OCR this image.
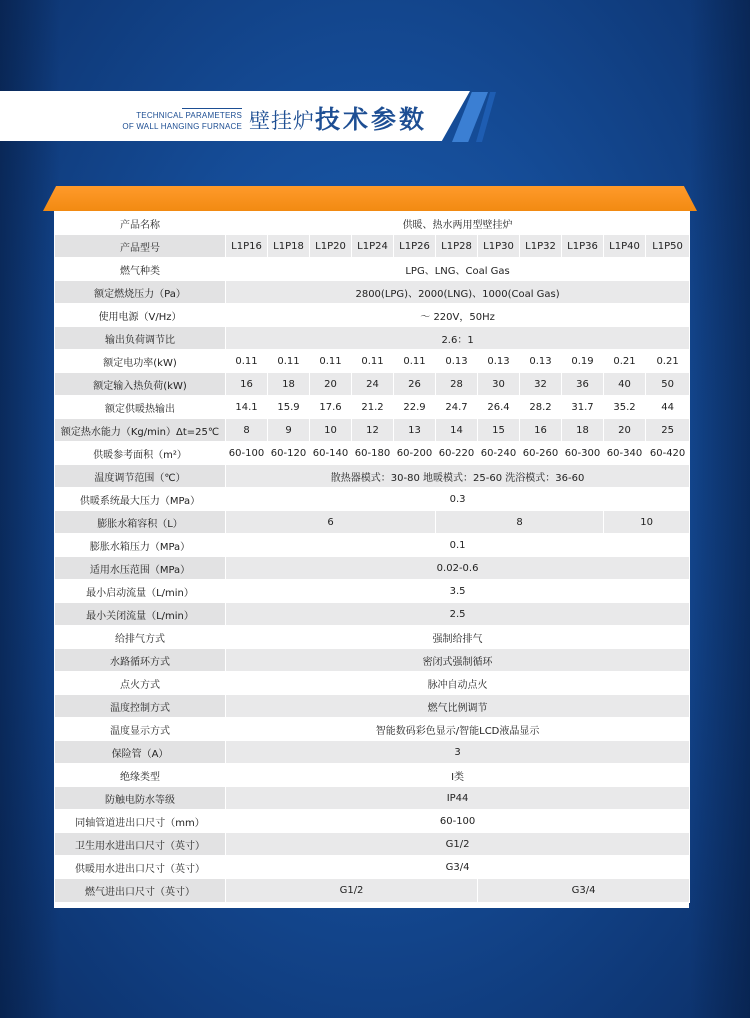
TECHNICAL PARAMETERS
OF WALL HANGING FURNACE 壁挂炉技术参数
产品名称	供暖、热水两用型壁挂炉										
产品型号	L1P16	L1P18	L1P20	L1P24	L1P26	L1P28	L1P30	L1P32	L1P36	L1P40	L1P50
燃气种类	LPG、LNG、Coal Gas										
额定燃烧压力（Pa）	2800(LPG)、2000(LNG)、1000(Coal Gas)										
使用电源（V/Hz）	～ 220V，50Hz										
输出负荷调节比	2.6：1										
额定电功率(kW)	0.11	0.11	0.11	0.11	0.11	0.13	0.13	0.13	0.19	0.21	0.21
额定输入热负荷(kW)	16	18	20	24	26	28	30	32	36	40	50
额定供暖热输出	14.1	15.9	17.6	21.2	22.9	24.7	26.4	28.2	31.7	35.2	44
额定热水能力（Kg/min）Δt=25℃	8	9	10	12	13	14	15	16	18	20	25
供暖参考面积（m²）	60-100	60-120	60-140	60-180	60-200	60-220	60-240	60-260	60-300	60-340	60-420
温度调节范围（℃）	散热器模式：30-80 地暖模式：25-60 洗浴模式：36-60										
供暖系统最大压力（MPa）	0.3										
膨胀水箱容积（L）	6					8				10	
膨胀水箱压力（MPa）	0.1										
适用水压范围（MPa）	0.02-0.6										
最小启动流量（L/min）	3.5										
最小关闭流量（L/min）	2.5										
给排气方式	强制给排气										
水路循环方式	密闭式强制循环										
点火方式	脉冲自动点火										
温度控制方式	燃气比例调节										
温度显示方式	智能数码彩色显示/智能LCD液晶显示										
保险管（A）	3										
绝缘类型	I类										
防触电防水等级	IP44										
同轴管道进出口尺寸（mm）	60-100										
卫生用水进出口尺寸（英寸）	G1/2										
供暖用水进出口尺寸（英寸）	G3/4										
燃气进出口尺寸（英寸）	G1/2						G3/4				
